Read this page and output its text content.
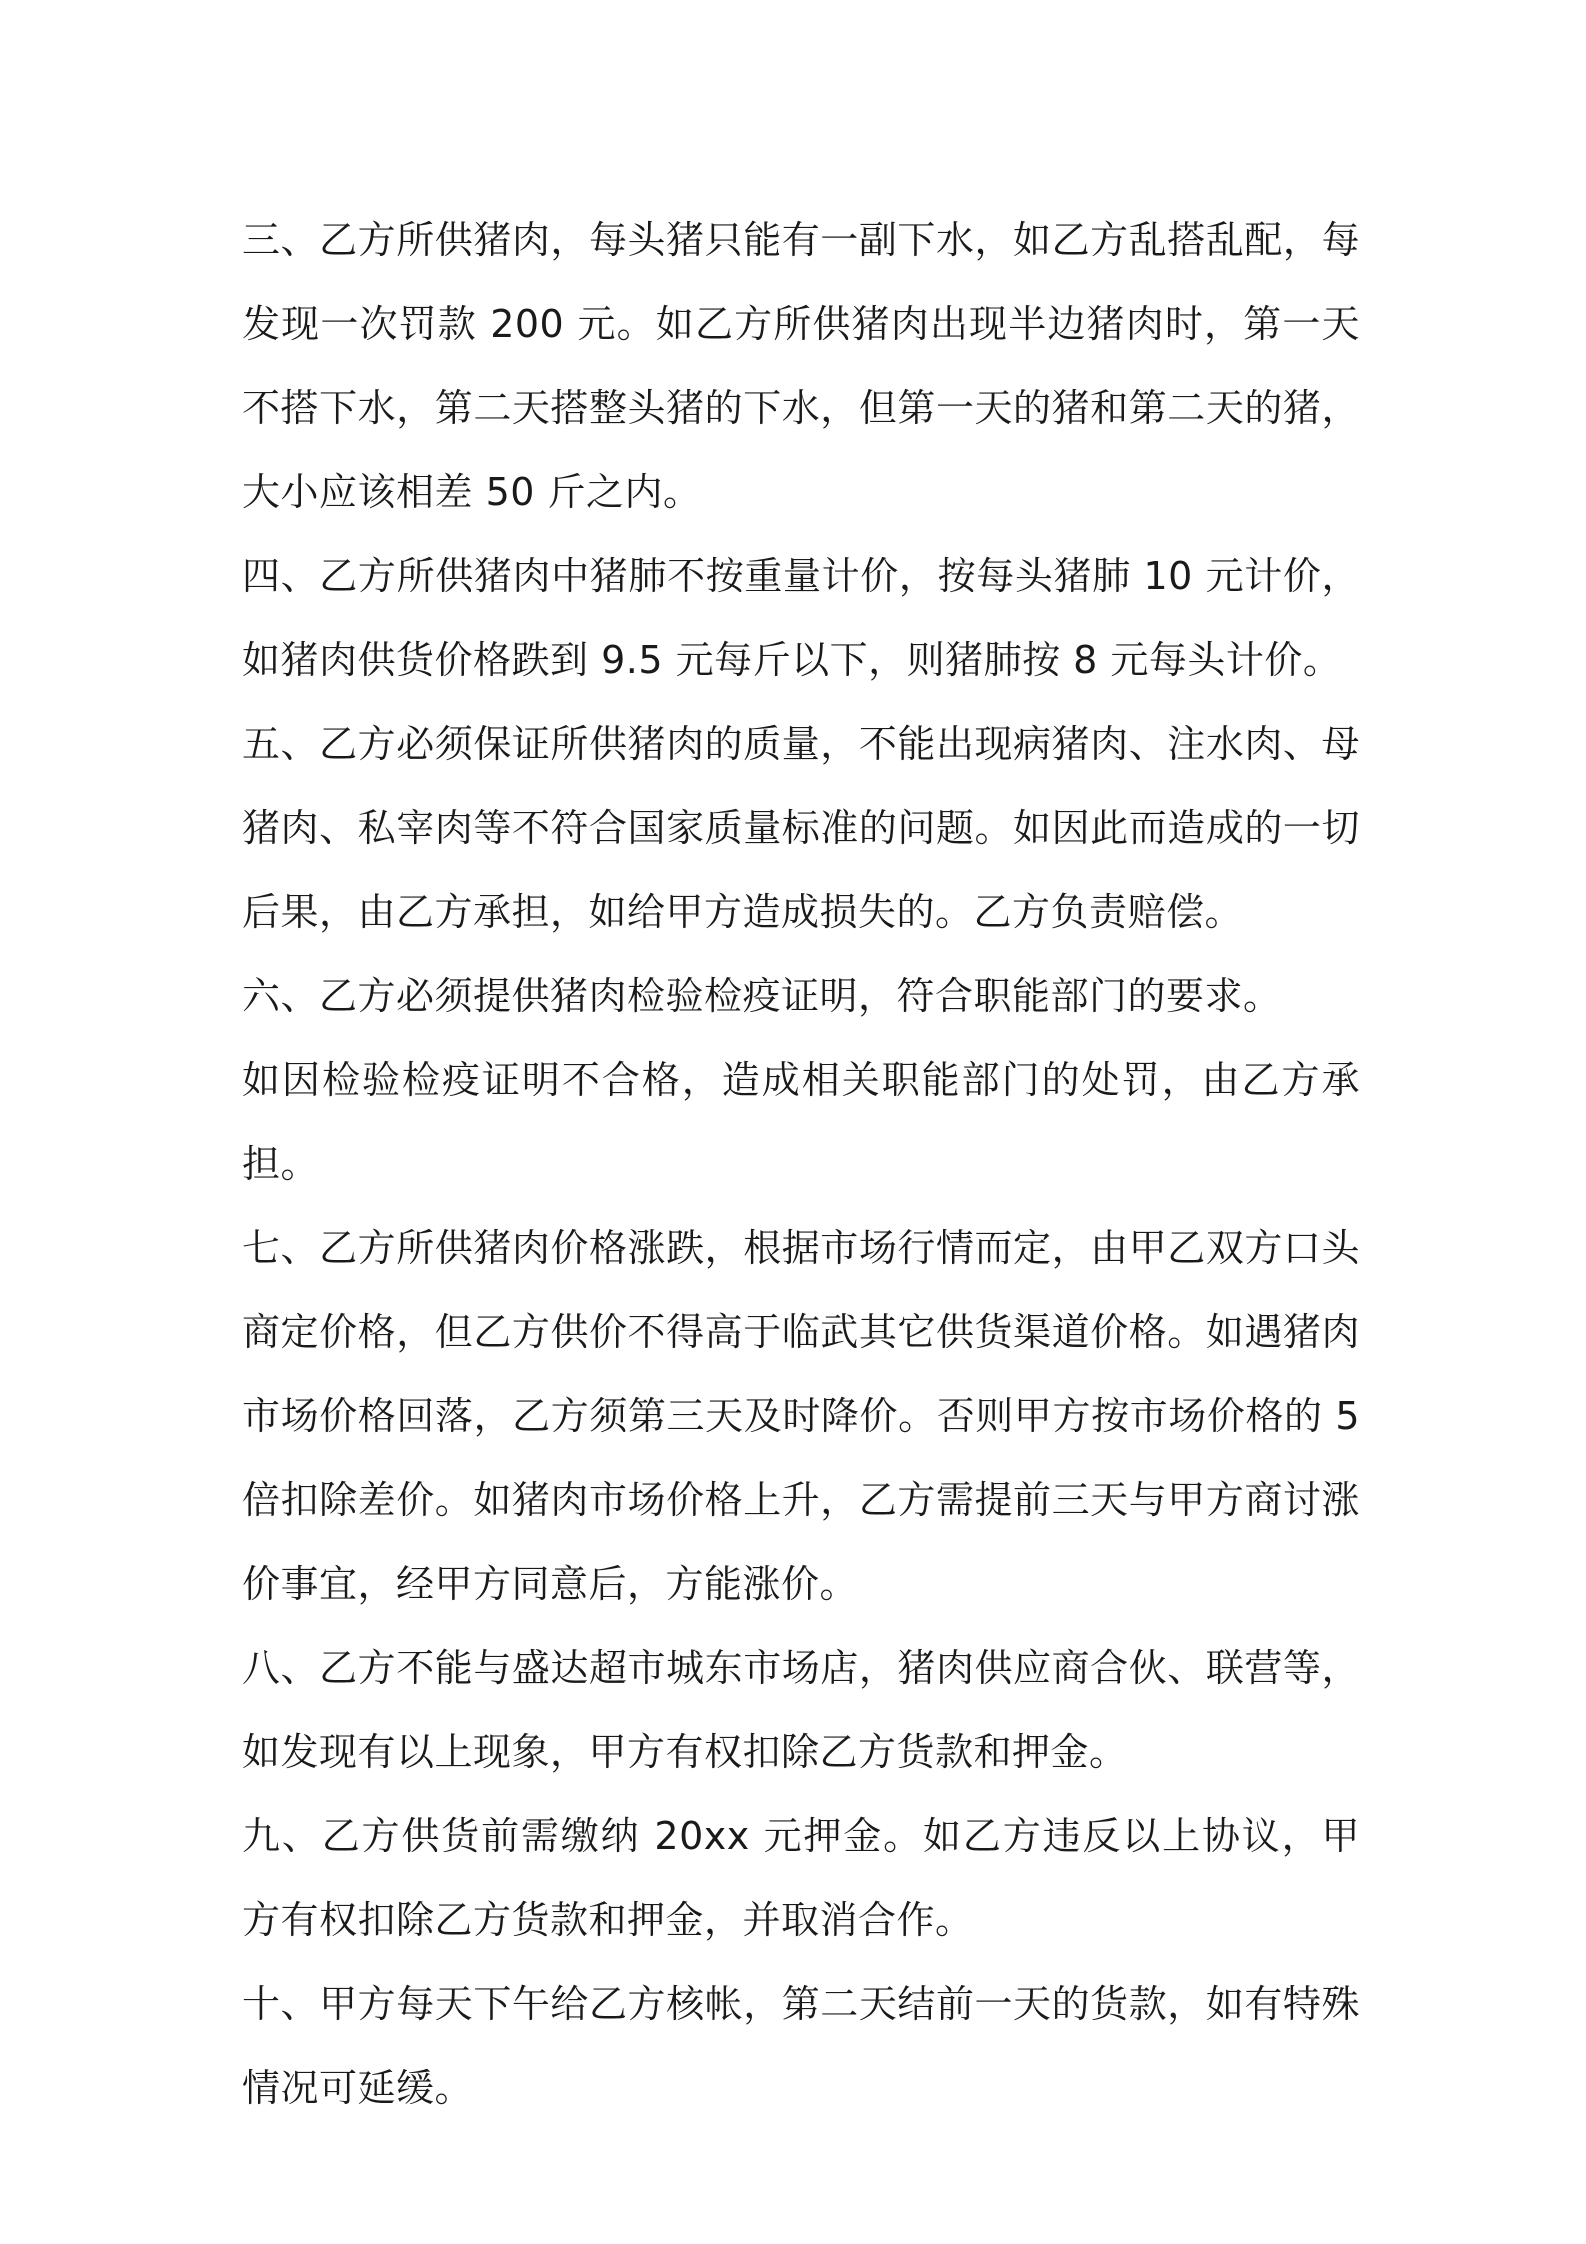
三、乙方所供猪肉，每头猪只能有一副下水，如乙方乱搭乱配，每发现一次罚款 200 元。如乙方所供猪肉出现半边猪肉时，第一天不搭下水，第二天搭整头猪的下水，但第一天的猪和第二天的猪，大小应该相差 50 斤之内。

四、乙方所供猪肉中猪肺不按重量计价，按每头猪肺 10 元计价，如猪肉供货价格跌到 9.5 元每斤以下，则猪肺按 8 元每头计价。

五、乙方必须保证所供猪肉的质量，不能出现病猪肉、注水肉、母猪肉、私宰肉等不符合国家质量标准的问题。如因此而造成的一切后果，由乙方承担，如给甲方造成损失的。乙方负责赔偿。

六、乙方必须提供猪肉检验检疫证明，符合职能部门的要求。

如因检验检疫证明不合格，造成相关职能部门的处罚，由乙方承担。

七、乙方所供猪肉价格涨跌，根据市场行情而定，由甲乙双方口头商定价格，但乙方供价不得高于临武其它供货渠道价格。如遇猪肉市场价格回落，乙方须第三天及时降价。否则甲方按市场价格的 5 倍扣除差价。如猪肉市场价格上升，乙方需提前三天与甲方商讨涨价事宜，经甲方同意后，方能涨价。

八、乙方不能与盛达超市城东市场店，猪肉供应商合伙、联营等，如发现有以上现象，甲方有权扣除乙方货款和押金。

九、乙方供货前需缴纳 20xx 元押金。如乙方违反以上协议，甲方有权扣除乙方货款和押金，并取消合作。

十、甲方每天下午给乙方核帐，第二天结前一天的货款，如有特殊情况可延缓。
